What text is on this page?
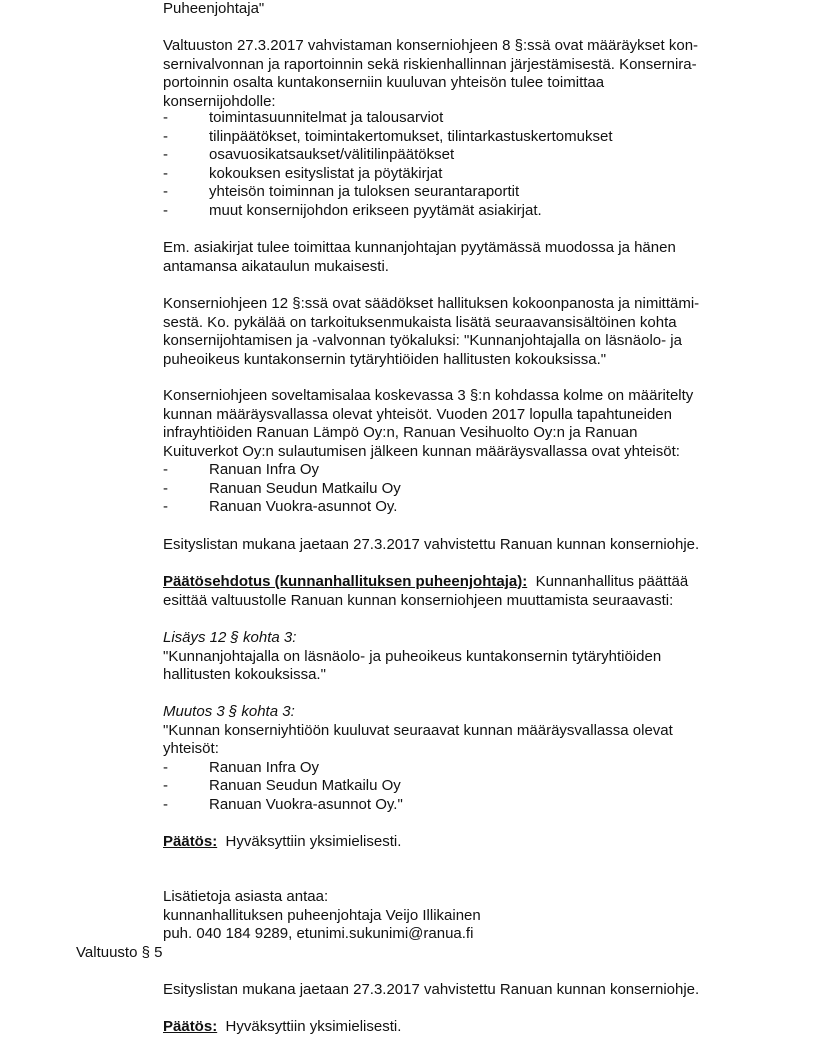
Puheenjohtaja"
Valtuuston 27.3.2017 vahvistaman konserniohjeen 8 §:ssä ovat määräykset kon-
sernivalvonnan ja raportoinnin sekä riskienhallinnan järjestämisestä. Konsernira-
portoinnin osalta kuntakonserniin kuuluvan yhteisön tulee toimittaa
konsernijohdolle:
-	toimintasuunnitelmat ja talousarviot
-	tilinpäätökset, toimintakertomukset, tilintarkastuskertomukset
-	osavuosikatsaukset/välitilinpäätökset
-	kokouksen esityslistat ja pöytäkirjat
-	yhteisön toiminnan ja tuloksen seurantaraportit
-	muut konsernijohdon erikseen pyytämät asiakirjat.
Em. asiakirjat tulee toimittaa kunnanjohtajan pyytämässä muodossa ja hänen
antamansa aikataulun mukaisesti.
Konserniohjeen 12 §:ssä ovat säädökset hallituksen kokoonpanosta ja nimittämi-
sestä. Ko. pykälää on tarkoituksenmukaista lisätä seuraavansisältöinen kohta
konsernijohtamisen ja -valvonnan työkaluksi: "Kunnanjohtajalla on läsnäolo- ja
puheoikeus kuntakonsernin tytäryhtiöiden hallitusten kokouksissa."
Konserniohjeen soveltamisalaa koskevassa 3 §:n kohdassa kolme on määritelty
kunnan määräysvallassa olevat yhteisöt. Vuoden 2017 lopulla tapahtuneiden
infrayhtiöiden Ranuan Lämpö Oy:n, Ranuan Vesihuolto Oy:n ja Ranuan
Kuituverkot Oy:n sulautumisen jälkeen kunnan määräysvallassa ovat yhteisöt:
-	Ranuan Infra Oy
-	Ranuan Seudun Matkailu Oy
-	Ranuan Vuokra-asunnot Oy.
Esityslistan mukana jaetaan 27.3.2017 vahvistettu Ranuan kunnan konserniohje.
Päätösehdotus (kunnanhallituksen puheenjohtaja): Kunnanhallitus päättää
esittää valtuustolle Ranuan kunnan konserniohjeen muuttamista seuraavasti:
Lisäys 12 § kohta 3:
"Kunnanjohtajalla on läsnäolo- ja puheoikeus kuntakonsernin tytäryhtiöiden
hallitusten kokouksissa."
Muutos 3 § kohta 3:
"Kunnan konserniyhtiöön kuuluvat seuraavat kunnan määräysvallassa olevat
yhteisöt:
-	Ranuan Infra Oy
-	Ranuan Seudun Matkailu Oy
-	Ranuan Vuokra-asunnot Oy."
Päätös: Hyväksyttiin yksimielisesti.
Lisätietoja asiasta antaa:
kunnanhallituksen puheenjohtaja Veijo Illikainen
puh. 040 184 9289, etunimi.sukunimi@ranua.fi
Valtuusto § 5
Esityslistan mukana jaetaan 27.3.2017 vahvistettu Ranuan kunnan konserniohje.
Päätös: Hyväksyttiin yksimielisesti.
